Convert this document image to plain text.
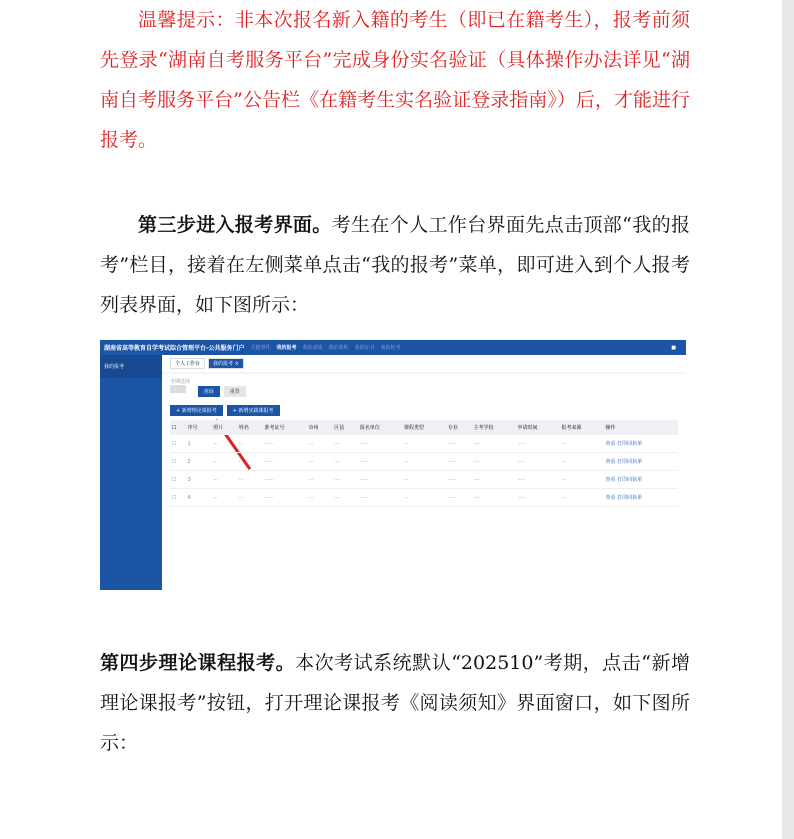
温馨提示：非本次报名新入籍的考生（即已在籍考生），报考前须先登录“湖南自考服务平台”完成身份实名验证（具体操作办法详见“湖南自考服务平台”公告栏《在籍考生实名验证登录指南》）后，才能进行报考。
第三步进入报考界面。考生在个人工作台界面先点击顶部“我的报考”栏目，接着在左侧菜单点击“我的报考”菜单，即可进入到个人报考列表界面，如下图所示：
湖南省高等教育自学考试综合管理平台-公共服务门户 关键事件 我的报考 我的成绩 我的课程 我的证书 我的转考	■
我的报考	个人工作台	我的报考 ×
考期选择
查询	重置
+ 新增理论课报考	+ 新增实践课报考
☐	序号	照片	姓名	准考证号	市州	区县	报名单位	课程类型	专业	主考学校	申请时间	报考来源	操作
☐	1	···	···	······	···	····	·····	···	·····	····	·····	···	查看 打印回执单
☐	2	···	···	······	···	····	·····	···	·····	····	·····	···	查看 打印回执单
☐	3	···	···	······	···	····	·····	···	·····	····	·····	···	查看 打印回执单
☐	4	···	···	······	···	····	·····	···	·····	····	·····	···	查看 打印回执单
第四步理论课程报考。本次考试系统默认“202510”考期，点击“新增理论课报考”按钮，打开理论课报考《阅读须知》界面窗口，如下图所示：
